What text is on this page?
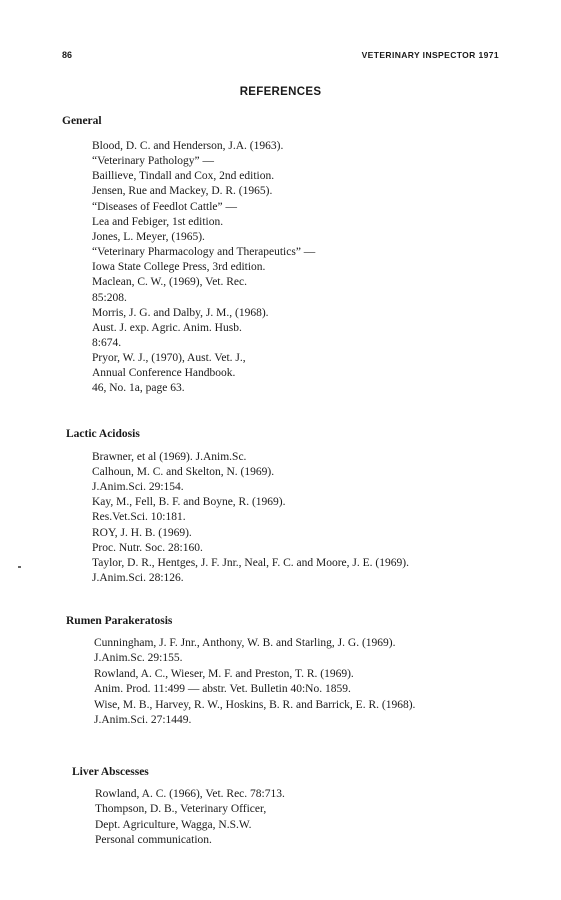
86	VETERINARY INSPECTOR 1971
REFERENCES
General
Blood, D. C. and Henderson, J.A. (1963).
“Veterinary Pathology” —
Baillieve, Tindall and Cox, 2nd edition.
Jensen, Rue and Mackey, D. R. (1965).
“Diseases of Feedlot Cattle” —
Lea and Febiger, 1st edition.
Jones, L. Meyer, (1965).
“Veterinary Pharmacology and Therapeutics” —
Iowa State College Press, 3rd edition.
Maclean, C. W., (1969), Vet. Rec.
85:208.
Morris, J. G. and Dalby, J. M., (1968).
Aust. J. exp. Agric. Anim. Husb.
8:674.
Pryor, W. J., (1970), Aust. Vet. J.,
Annual Conference Handbook.
46, No. 1a, page 63.
Lactic Acidosis
Brawner, et al (1969). J.Anim.Sc.
Calhoun, M. C. and Skelton, N. (1969).
J.Anim.Sci. 29:154.
Kay, M., Fell, B. F. and Boyne, R. (1969).
Res.Vet.Sci. 10:181.
ROY, J. H. B. (1969).
Proc. Nutr. Soc. 28:160.
Taylor, D. R., Hentges, J. F. Jnr., Neal, F. C. and Moore, J. E. (1969).
J.Anim.Sci. 28:126.
Rumen Parakeratosis
Cunningham, J. F. Jnr., Anthony, W. B. and Starling, J. G. (1969).
J.Anim.Sc. 29:155.
Rowland, A. C., Wieser, M. F. and Preston, T. R. (1969).
Anim. Prod. 11:499 — abstr. Vet. Bulletin 40:No. 1859.
Wise, M. B., Harvey, R. W., Hoskins, B. R. and Barrick, E. R. (1968).
J.Anim.Sci. 27:1449.
Liver Abscesses
Rowland, A. C. (1966), Vet. Rec. 78:713.
Thompson, D. B., Veterinary Officer,
Dept. Agriculture, Wagga, N.S.W.
Personal communication.
